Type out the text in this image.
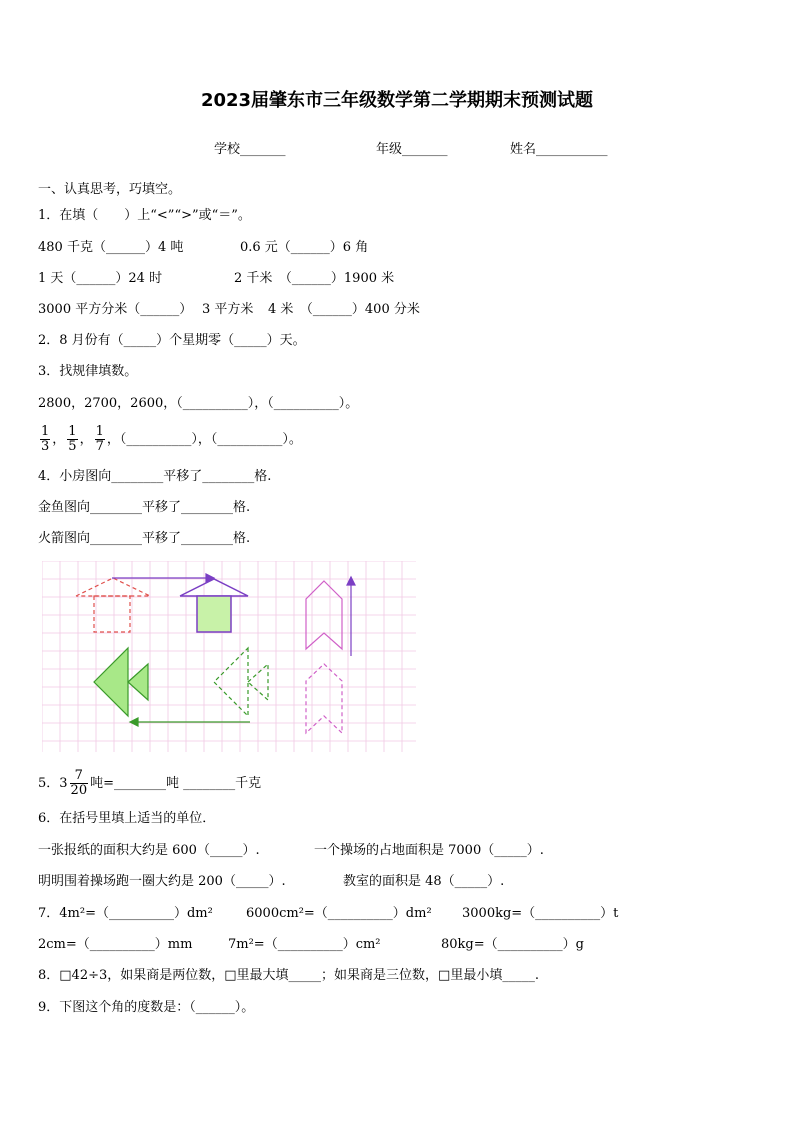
2023届肇东市三年级数学第二学期期末预测试题
学校_______	年级_______	姓名___________
一、认真思考，巧填空。
1．在填（　　）上“<”“>”或“＝”。
480 千克（______）4 吨	0.6 元（______）6 角
1 天（______）24 时	2 千米　（______）1900 米
3000 平方分米（______） 3 平方米 4 米　（______）400 分米
2．8 月份有（_____）个星期零（_____）天。
3．找规律填数。
2800，2700，2600，（__________），（__________）。
$\frac{1}{3}$ ， $\frac{1}{5}$ ， $\frac{1}{7}$ ，（__________），（__________）。
4．小房图向________平移了________格.
金鱼图向________平移了________格.
火箭图向________平移了________格.
5．$3 \frac{7}{20}$ 吨=________吨 ________千克
6．在括号里填上适当的单位．
一张报纸的面积大约是 600（_____）.	一个操场的占地面积是 7000（_____）.
明明围着操场跑一圈大约是 200（_____）.	教室的面积是 48（_____）.
7．4m²=（__________）dm²	6000cm²=（__________）dm² 3000kg=（__________）t
2cm=（__________）mm	7m²=（__________）cm²	80kg=（__________）g
8．□42÷3，如果商是两位数，□里最大填_____；如果商是三位数，□里最小填_____.
9．下图这个角的度数是：（______）。
